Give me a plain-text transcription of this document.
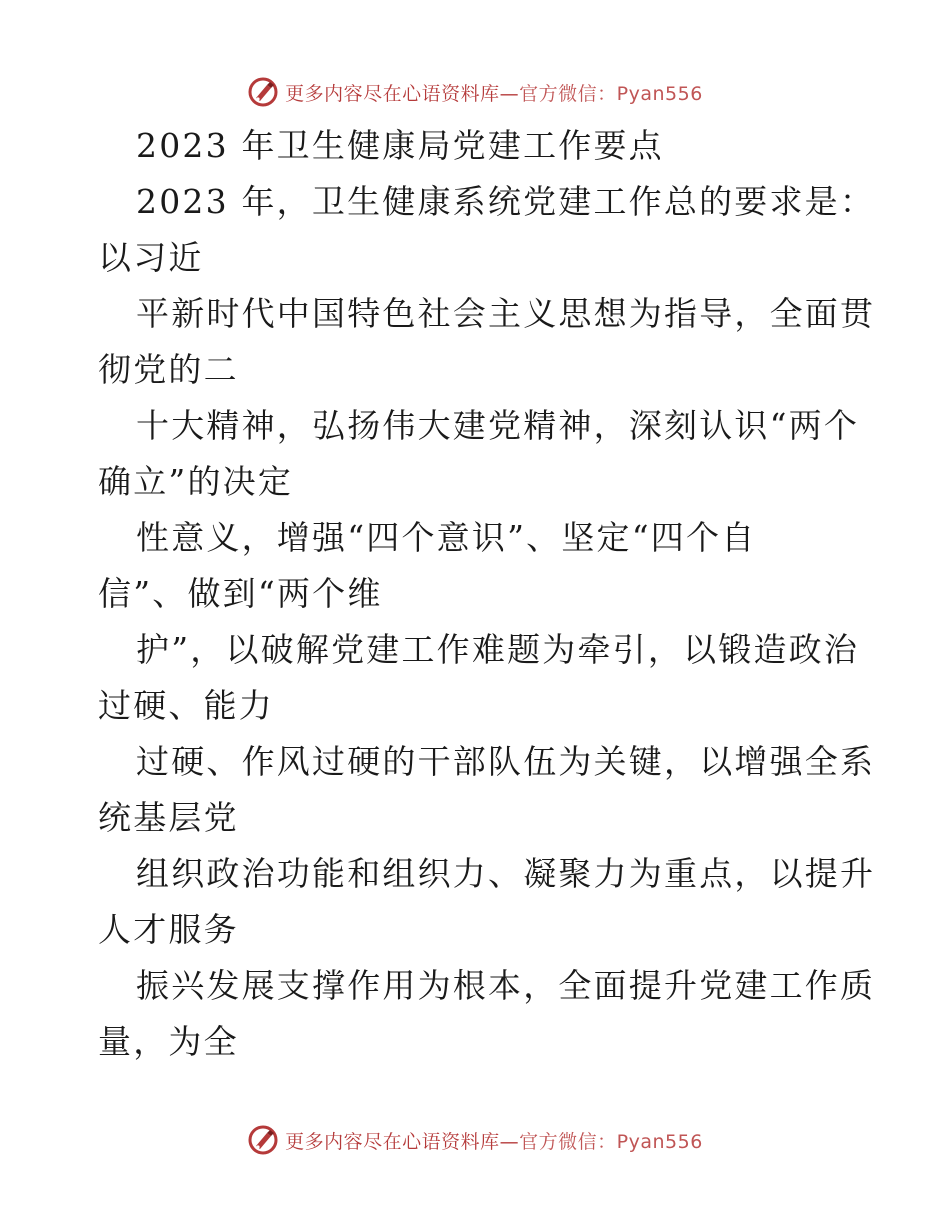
更多内容尽在心语资料库—官方微信：Pyan556
2023 年卫生健康局党建工作要点
2023 年，卫生健康系统党建工作总的要求是：
以习近
平新时代中国特色社会主义思想为指导，全面贯
彻党的二
十大精神，弘扬伟大建党精神，深刻认识“两个
确立”的决定
性意义，增强“四个意识”、坚定“四个自
信”、做到“两个维
护”，以破解党建工作难题为牵引，以锻造政治
过硬、能力
过硬、作风过硬的干部队伍为关键，以增强全系
统基层党
组织政治功能和组织力、凝聚力为重点，以提升
人才服务
振兴发展支撑作用为根本，全面提升党建工作质
量，为全
更多内容尽在心语资料库—官方微信：Pyan556
